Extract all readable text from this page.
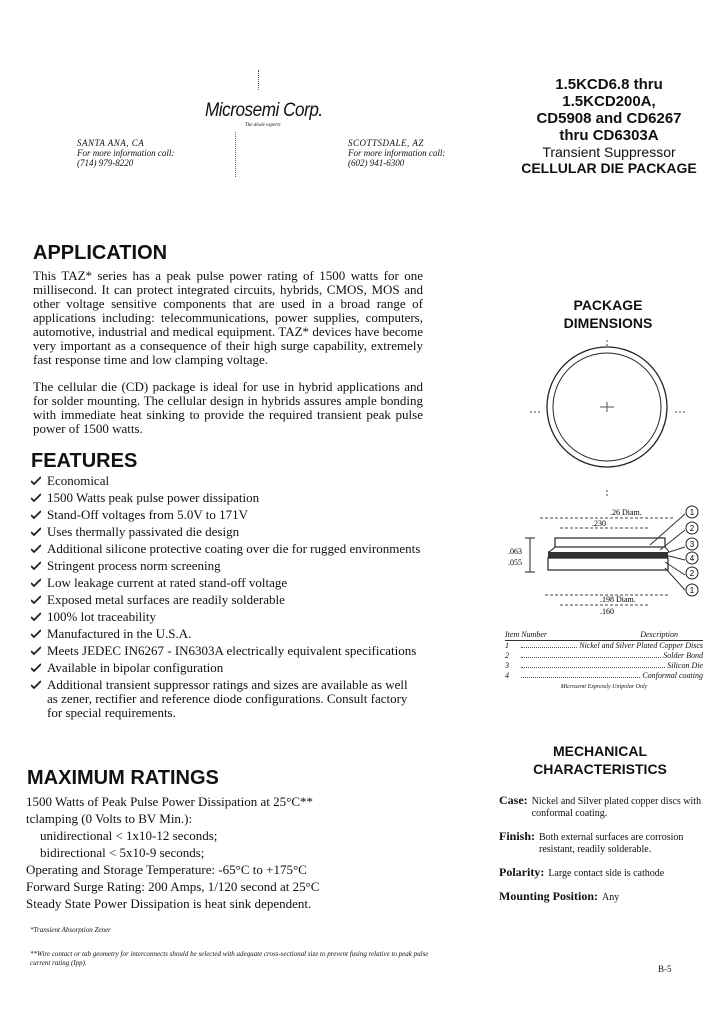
Microsemi Corp.
The diode experts
SANTA ANA, CA
For more information call:
(714) 979-8220
SCOTTSDALE, AZ
For more information call:
(602) 941-6300
1.5KCD6.8 thru
1.5KCD200A,
CD5908 and CD6267
thru CD6303A
Transient Suppressor
CELLULAR DIE PACKAGE
APPLICATION
This TAZ* series has a peak pulse power rating of 1500 watts for one millisecond. It can protect integrated circuits, hybrids, CMOS, MOS and other voltage sensitive components that are used in a broad range of applications including: telecommunications, power supplies, computers, automotive, industrial and medical equipment. TAZ* devices have become very important as a consequence of their high surge capability, extremely fast response time and low clamping voltage.
The cellular die (CD) package is ideal for use in hybrid applications and for solder mounting. The cellular design in hybrids assures ample bonding with immediate heat sinking to provide the required transient peak pulse power of 1500 watts.
FEATURES
Economical
1500 Watts peak pulse power dissipation
Stand-Off voltages from 5.0V to 171V
Uses thermally passivated die design
Additional silicone protective coating over die for rugged environments
Stringent process norm screening
Low leakage current at rated stand-off voltage
Exposed metal surfaces are readily solderable
100% lot traceability
Manufactured in the U.S.A.
Meets JEDEC IN6267 - IN6303A electrically equivalent specifications
Available in bipolar configuration
Additional transient suppressor ratings and sizes are available as well as zener, rectifier and reference diode configurations. Consult factory for special requirements.
MAXIMUM RATINGS
1500 Watts of Peak Pulse Power Dissipation at 25°C**
tclamping (0 Volts to BV Min.):
unidirectional < 1x10-12 seconds;
bidirectional < 5x10-9 seconds;
Operating and Storage Temperature: -65°C to +175°C
Forward Surge Rating: 200 Amps, 1/120 second at 25°C
Steady State Power Dissipation is heat sink dependent.
*Transient Absorption Zener
**Wire contact or tab geometry for interconnects should be selected with adequate cross-sectional size to prevent fusing relative to peak pulse current rating (Ipp).
PACKAGE
DIMENSIONS
1
2
3
4
2
1
.26 Diam.
.230
.063
.055
.198 Diam.
.160
Item Number	Description
1	Nickel and Silver Plated Copper Discs
2	Solder Bond
3	Silicon Die
4	Conformal coating
Microsemi Expressly Unipolar Only
MECHANICAL
CHARACTERISTICS
Case: Nickel and Silver plated copper discs with conformal coating.
Finish: Both external surfaces are corrosion resistant, readily solderable.
Polarity: Large contact side is cathode
Mounting Position: Any
B-5
